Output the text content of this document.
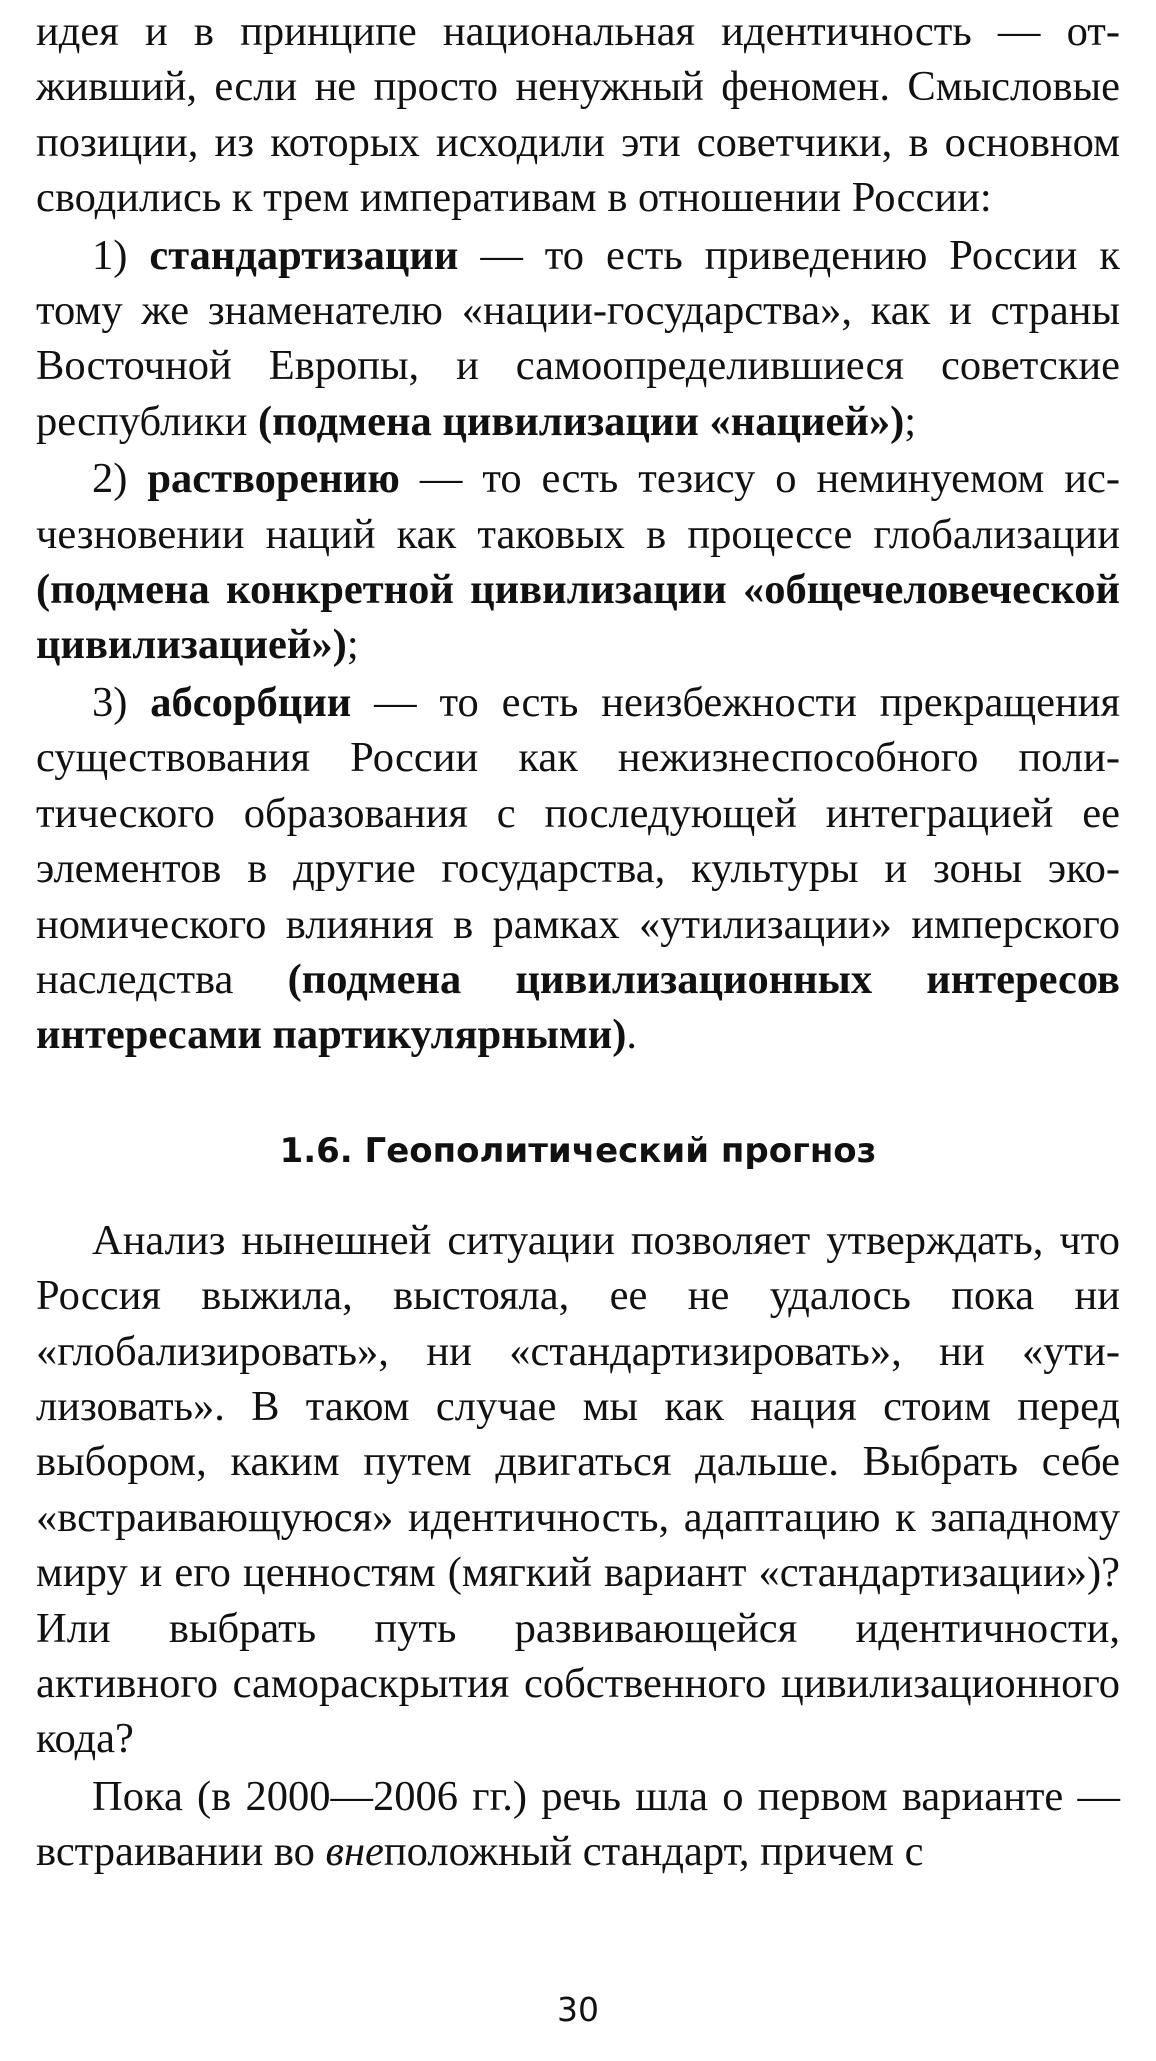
идея и в принципе национальная идентичность — отживший, если не просто ненужный феномен. Смысловые позиции, из которых исходили эти советчики, в основном сводились к трем императивам в отношении России:

1) стандартизации — то есть приведению России к тому же знаменателю «нации-государства», как и страны Восточной Европы, и самоопределившиеся советские республики (подмена цивилизации «нацией»);

2) растворению — то есть тезису о неминуемом исчезновении наций как таковых в процессе глобализации (подмена конкретной цивилизации «общечеловеческой цивилизацией»);

3) абсорбции — то есть неизбежности прекращения существования России как нежизнеспособного политического образования с последующей интеграцией ее элементов в другие государства, культуры и зоны экономического влияния в рамках «утилизации» имперского наследства (подмена цивилизационных интересов интересами партикулярными).

1.6. Геополитический прогноз

Анализ нынешней ситуации позволяет утверждать, что Россия выжила, выстояла, ее не удалось пока ни «глобализировать», ни «стандартизировать», ни «утилизовать». В таком случае мы как нация стоим перед выбором, каким путем двигаться дальше. Выбрать себе «встраивающуюся» идентичность, адаптацию к западному миру и его ценностям (мягкий вариант «стандартизации»)? Или выбрать путь развивающейся идентичности, активного самораскрытия собственного цивилизационного кода?

Пока (в 2000—2006 гг.) речь шла о первом варианте — встраивании во внеположный стандарт, причем с

30
